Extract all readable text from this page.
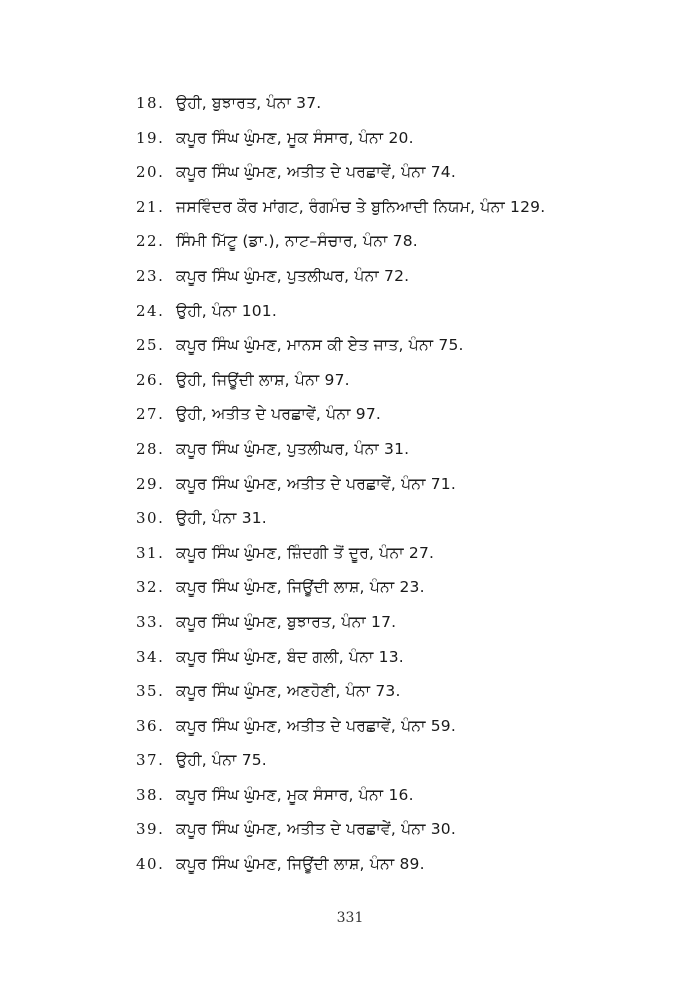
18. ਉਹੀ, ਬੁਝਾਰਤ, ਪੰਨਾ 37.
19. ਕਪੂਰ ਸਿੰਘ ਘੁੰਮਣ, ਮੂਕ ਸੰਸਾਰ, ਪੰਨਾ 20.
20. ਕਪੂਰ ਸਿੰਘ ਘੁੰਮਣ, ਅਤੀਤ ਦੇ ਪਰਛਾਵੇਂ, ਪੰਨਾ 74.
21. ਜਸਵਿੰਦਰ ਕੌਰ ਮਾਂਗਟ, ਰੰਗਮੰਚ ਤੇ ਬੁਨਿਆਦੀ ਨਿਯਮ, ਪੰਨਾ 129.
22. ਸਿੰਮੀ ਮਿੱਟੂ (ਡਾ.), ਨਾਟ–ਸੰਚਾਰ, ਪੰਨਾ 78.
23. ਕਪੂਰ ਸਿੰਘ ਘੁੰਮਣ, ਪੁਤਲੀਘਰ, ਪੰਨਾ 72.
24. ਉਹੀ, ਪੰਨਾ 101.
25. ਕਪੂਰ ਸਿੰਘ ਘੁੰਮਣ, ਮਾਨਸ ਕੀ ਏਤ ਜਾਤ, ਪੰਨਾ 75.
26. ਉਹੀ, ਜਿਊਂਦੀ ਲਾਸ਼, ਪੰਨਾ 97.
27. ਉਹੀ, ਅਤੀਤ ਦੇ ਪਰਛਾਵੇਂ, ਪੰਨਾ 97.
28. ਕਪੂਰ ਸਿੰਘ ਘੁੰਮਣ, ਪੁਤਲੀਘਰ, ਪੰਨਾ 31.
29. ਕਪੂਰ ਸਿੰਘ ਘੁੰਮਣ, ਅਤੀਤ ਦੇ ਪਰਛਾਵੇਂ, ਪੰਨਾ 71.
30. ਉਹੀ, ਪੰਨਾ 31.
31. ਕਪੂਰ ਸਿੰਘ ਘੁੰਮਣ, ਜ਼ਿੰਦਗੀ ਤੋਂ ਦੂਰ, ਪੰਨਾ 27.
32. ਕਪੂਰ ਸਿੰਘ ਘੁੰਮਣ, ਜਿਊਂਦੀ ਲਾਸ਼, ਪੰਨਾ 23.
33. ਕਪੂਰ ਸਿੰਘ ਘੁੰਮਣ, ਬੁਝਾਰਤ, ਪੰਨਾ 17.
34. ਕਪੂਰ ਸਿੰਘ ਘੁੰਮਣ, ਬੰਦ ਗਲੀ, ਪੰਨਾ 13.
35. ਕਪੂਰ ਸਿੰਘ ਘੁੰਮਣ, ਅਣਹੋਣੀ, ਪੰਨਾ 73.
36. ਕਪੂਰ ਸਿੰਘ ਘੁੰਮਣ, ਅਤੀਤ ਦੇ ਪਰਛਾਵੇਂ, ਪੰਨਾ 59.
37. ਉਹੀ, ਪੰਨਾ 75.
38. ਕਪੂਰ ਸਿੰਘ ਘੁੰਮਣ, ਮੂਕ ਸੰਸਾਰ, ਪੰਨਾ 16.
39. ਕਪੂਰ ਸਿੰਘ ਘੁੰਮਣ, ਅਤੀਤ ਦੇ ਪਰਛਾਵੇਂ, ਪੰਨਾ 30.
40. ਕਪੂਰ ਸਿੰਘ ਘੁੰਮਣ, ਜਿਊਂਦੀ ਲਾਸ਼, ਪੰਨਾ 89.
331
